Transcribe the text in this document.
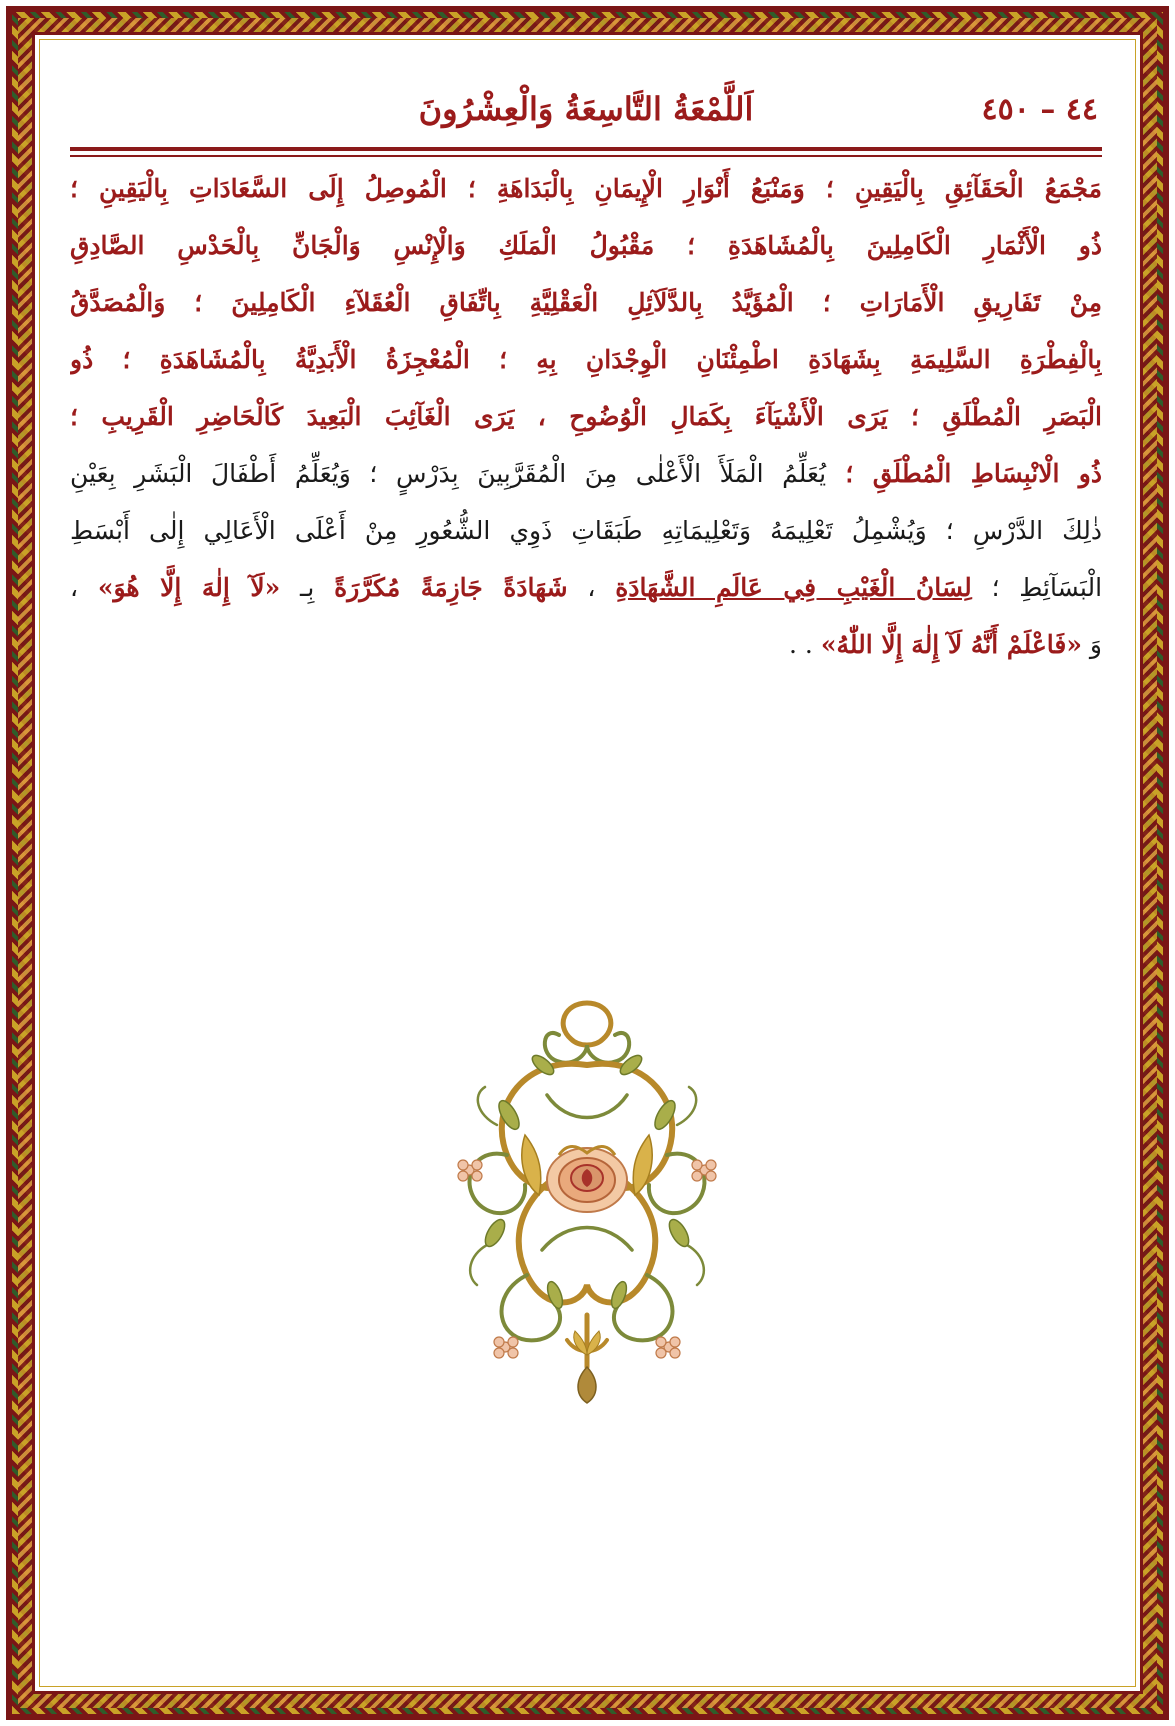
٤٤ – ٤٥٠
اَللَّمْعَةُ التَّاسِعَةُ وَالْعِشْرُونَ
مَجْمَعُ الْحَقَآئِقِ بِالْيَقِينِ ؛ وَمَنْبَعُ أَنْوَارِ الْإِيمَانِ بِالْبَدَاهَةِ ؛ الْمُوصِلُ إِلَى السَّعَادَاتِ بِالْيَقِينِ ؛
ذُو الْأَثْمَارِ الْكَامِلِينَ بِالْمُشَاهَدَةِ ؛ مَقْبُولُ الْمَلَكِ وَالْإِنْسِ وَالْجَانِّ بِالْحَدْسِ الصَّادِقِ
مِنْ تَفَارِيقِ الْأَمَارَاتِ ؛ الْمُؤَيَّدُ بِالدَّلَآئِلِ الْعَقْلِيَّةِ بِاتِّفَاقِ الْعُقَلآءِ الْكَامِلِينَ ؛ وَالْمُصَدَّقُ
بِالْفِطْرَةِ السَّلِيمَةِ بِشَهَادَةِ اطْمِئْنَانِ الْوِجْدَانِ بِهِ ؛ الْمُعْجِزَةُ الْأَبَدِيَّةُ بِالْمُشَاهَدَةِ ؛ ذُو
الْبَصَرِ الْمُطْلَقِ ؛ يَرَى الْأَشْيَآءَ بِكَمَالِ الْوُضُوحِ ، يَرَى الْغَآئِبَ الْبَعِيدَ كَالْحَاضِرِ الْقَرِيبِ ؛
ذُو الْانْبِسَاطِ الْمُطْلَقِ ؛ يُعَلِّمُ الْمَلَأَ الْأَعْلٰى مِنَ الْمُقَرَّبِينَ بِدَرْسٍ ؛ وَيُعَلِّمُ أَطْفَالَ الْبَشَرِ بِعَيْنِ
ذٰلِكَ الدَّرْسِ ؛ وَيُشْمِلُ تَعْلِيمَهُ وَتَعْلِيمَاتِهِ طَبَقَاتِ ذَوِي الشُّعُورِ مِنْ أَعْلَى الْأَعَالِي إِلٰى أَبْسَطِ
الْبَسَآئِطِ ؛ لِسَانُ الْغَيْبِ فِي عَالَمِ الشَّهَادَةِ ، شَهَادَةً جَازِمَةً مُكَرَّرَةً بِـ «لَآ إِلٰهَ إِلَّا هُوَ» ،
وَ «فَاعْلَمْ أَنَّهُ لَآ إِلٰهَ إِلَّا اللّٰهُ» . .
